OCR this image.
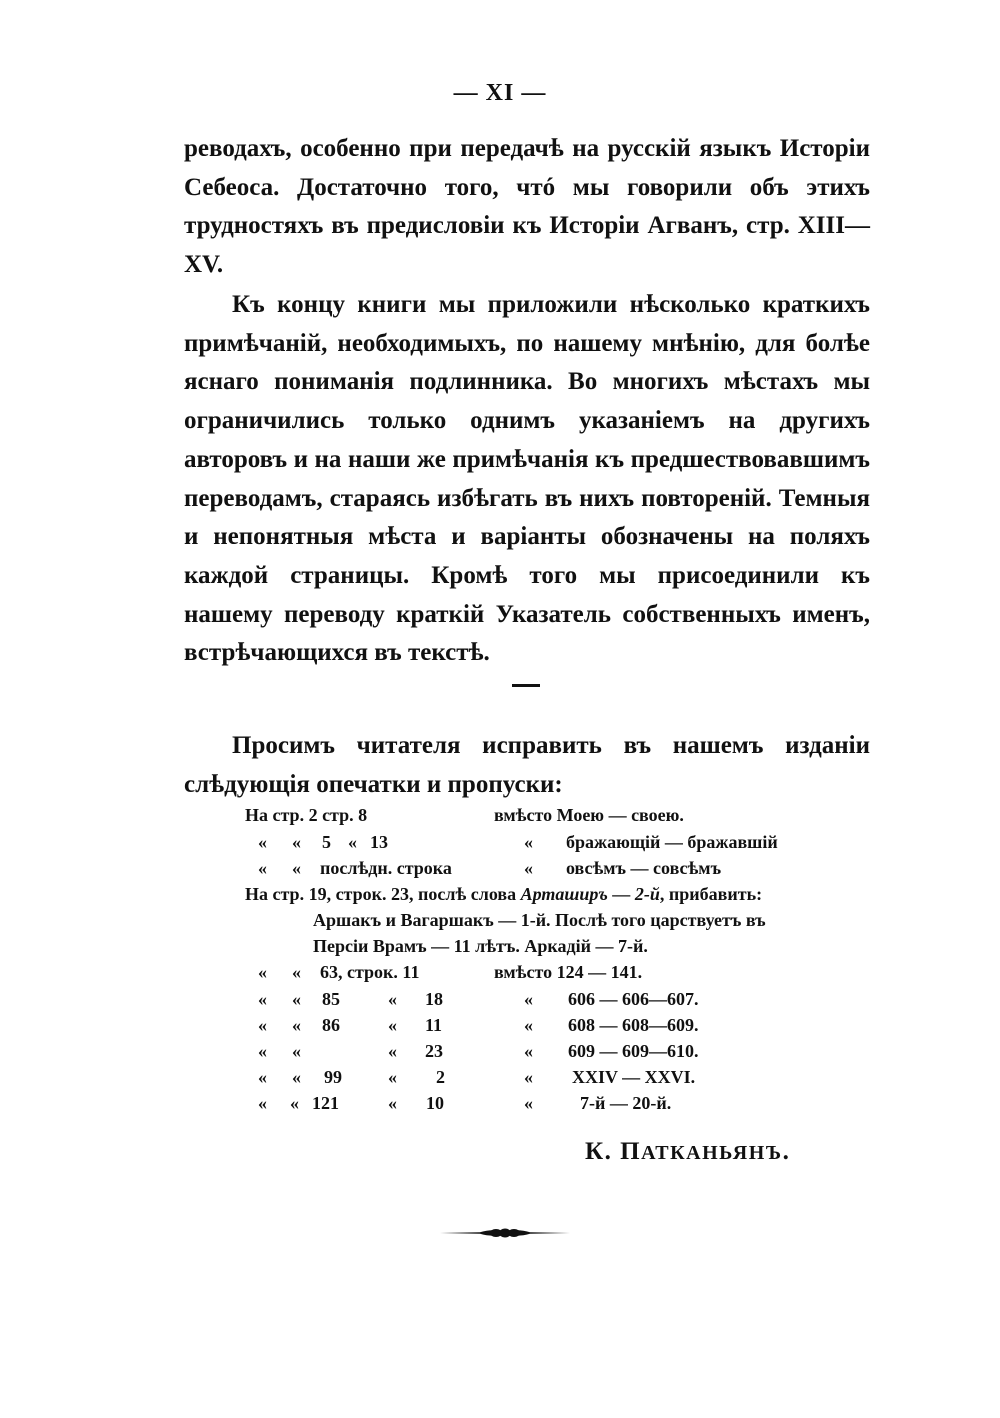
— XI —

реводахъ, особенно при передачѣ на русскій языкъ Исторіи Себеоса. Достаточно того, чтó мы говорили объ этихъ трудностяхъ въ предисловіи къ Исторіи Агванъ, стр. XIII—XV.

Къ концу книги мы приложили нѣсколько краткихъ примѣчаній, необходимыхъ, по нашему мнѣнію, для болѣе яснаго пониманія подлинника. Во многихъ мѣстахъ мы ограничились только однимъ указаніемъ на другихъ авторовъ и на наши же примѣчанія къ предшествовавшимъ переводамъ, стараясь избѣгать въ нихъ повтореній. Темныя и непонятныя мѣста и варіанты обозначены на поляхъ каждой страницы. Кромѣ того мы присоединили къ нашему переводу краткій Указатель собственныхъ именъ, встрѣчающихся въ текстѣ.

Просимъ читателя исправить въ нашемъ изданіи слѣдующія опечатки и пропуски:

На стр. 2 стр. 8	вмѣсто Моею — своею.
« « 5 « 13	« бражающій — бражавшій
« « послѣдн. строка	« овсѣмъ — совсѣмъ
На стр. 19, строк. 23, послѣ слова Арташиръ — 2-й, прибавить:
Аршакъ и Вагаршакъ — 1-й. Послѣ того царствуетъ въ
Персіи Врамъ — 11 лѣтъ. Аркадій — 7-й.
« « 63, строк. 11	вмѣсто 124 — 141.
« « 85	« 18	« 606 — 606—607.
« « 86	« 11	« 608 — 608—609.
« «	« 23	« 609 — 609—610.
« « 99	« 2	« XXIV — XXVI.
« « 121	« 10	«	7-й — 20-й.
К. ПАТКАНЬЯНЪ.
